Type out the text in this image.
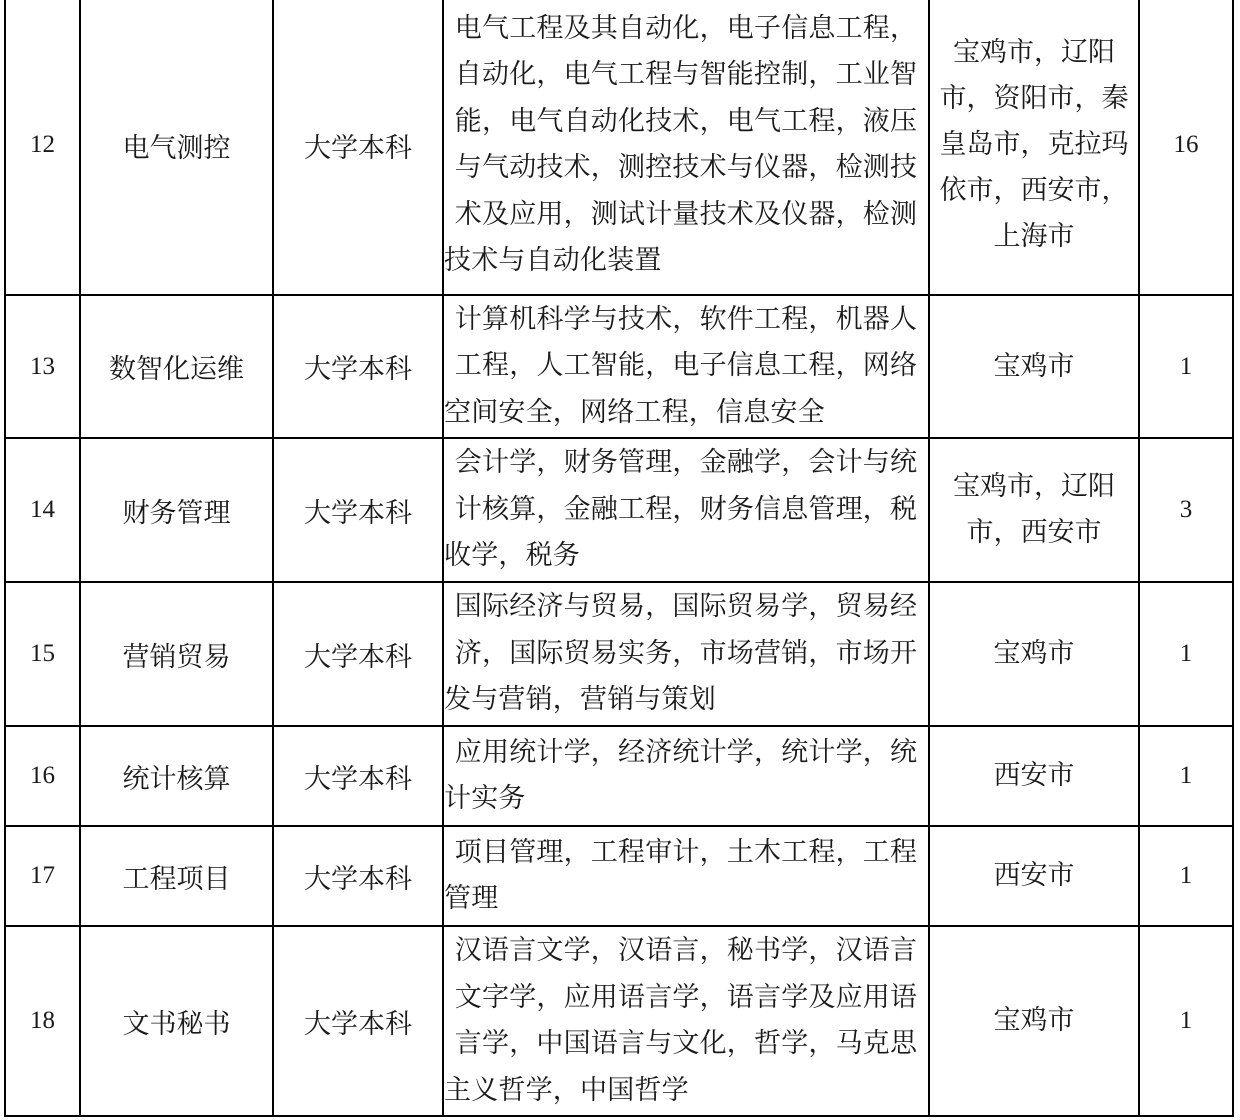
12	电气测控	大学本科	电气工程及其自动化，电子信息工程，自动化，电气工程与智能控制，工业智能，电气自动化技术，电气工程，液压与气动技术，测控技术与仪器，检测技术及应用，测试计量技术及仪器，检测技术与自动化装置	宝鸡市，辽阳市，资阳市，秦皇岛市，克拉玛依市，西安市，上海市	16
13	数智化运维	大学本科	计算机科学与技术，软件工程，机器人工程，人工智能，电子信息工程，网络空间安全，网络工程，信息安全	宝鸡市	1
14	财务管理	大学本科	会计学，财务管理，金融学，会计与统计核算，金融工程，财务信息管理，税收学，税务	宝鸡市，辽阳市，西安市	3
15	营销贸易	大学本科	国际经济与贸易，国际贸易学，贸易经济，国际贸易实务，市场营销，市场开发与营销，营销与策划	宝鸡市	1
16	统计核算	大学本科	应用统计学，经济统计学，统计学，统计实务	西安市	1
17	工程项目	大学本科	项目管理，工程审计，土木工程，工程管理	西安市	1
18	文书秘书	大学本科	汉语言文学，汉语言，秘书学，汉语言文字学，应用语言学，语言学及应用语言学，中国语言与文化，哲学，马克思主义哲学，中国哲学	宝鸡市	1
